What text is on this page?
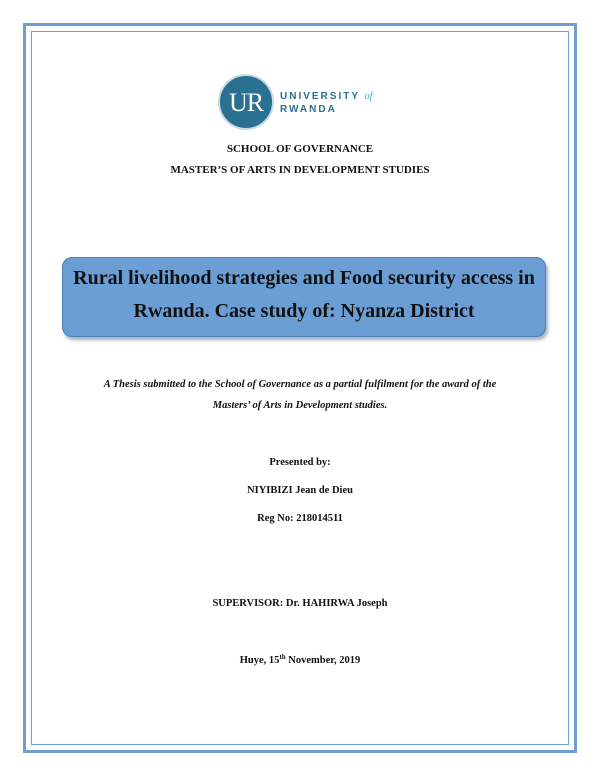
UR	UNIVERSITY of
RWANDA
SCHOOL OF GOVERNANCE
MASTER’S OF ARTS IN DEVELOPMENT STUDIES
Rural livelihood strategies and Food security access in
Rwanda. Case study of: Nyanza District
A Thesis submitted to the School of Governance as a partial fulfilment for the award of the
Masters’ of Arts in Development studies.
Presented by:
NIYIBIZI Jean de Dieu
Reg No: 218014511
SUPERVISOR: Dr. HAHIRWA Joseph
Huye, 15th November, 2019
